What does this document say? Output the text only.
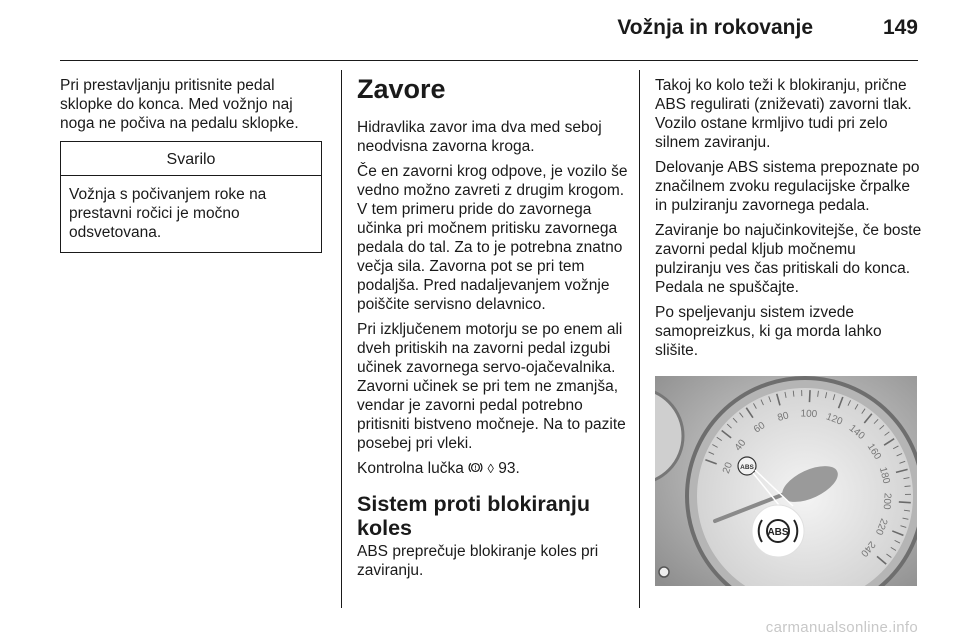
Vožnja in rokovanje	149

Pri prestavljanju pritisnite pedal sklopke do konca. Med vožnjo naj noga ne počiva na pedalu sklopke.

Svarilo
Vožnja s počivanjem roke na prestavni ročici je močno odsvetovana.
Zavore

Hidravlika zavor ima dva med seboj neodvisna zavorna kroga.

Če en zavorni krog odpove, je vozilo še vedno možno zavreti z drugim krogom. V tem primeru pride do zavornega učinka pri močnem pritisku zavornega pedala do tal. Za to je potrebna znatno večja sila. Zavorna pot se pri tem podaljša. Pred nadaljevanjem vožnje poiščite servisno delavnico.

Pri izključenem motorju se po enem ali dveh pritiskih na zavorni pedal izgubi učinek zavornega servo-ojačevalnika. Zavorni učinek se pri tem ne zmanjša, vendar je zavorni pedal potrebno pritisniti bistveno močneje. Na to pazite posebej pri vleki.

Kontrolna lučka ! ◊ 93.

Sistem proti blokiranju koles

ABS preprečuje blokiranje koles pri zaviranju.

Takoj ko kolo teži k blokiranju, prične ABS regulirati (zniževati) zavorni tlak. Vozilo ostane krmljivo tudi pri zelo silnem zaviranju.

Delovanje ABS sistema prepoznate po značilnem zvoku regulacijske črpalke in pulziranju zavornega pedala.

Zaviranje bo najučinkovitejše, če boste zavorni pedal kljub močnemu pulziranju ves čas pritiskali do konca. Pedala ne spuščajte.

Po speljevanju sistem izvede samopreizkus, ki ga morda lahko slišite.

20
40
60
80 100 120
140
160
180
200
220
240
ABS
ABS
carmanualsonline.info
